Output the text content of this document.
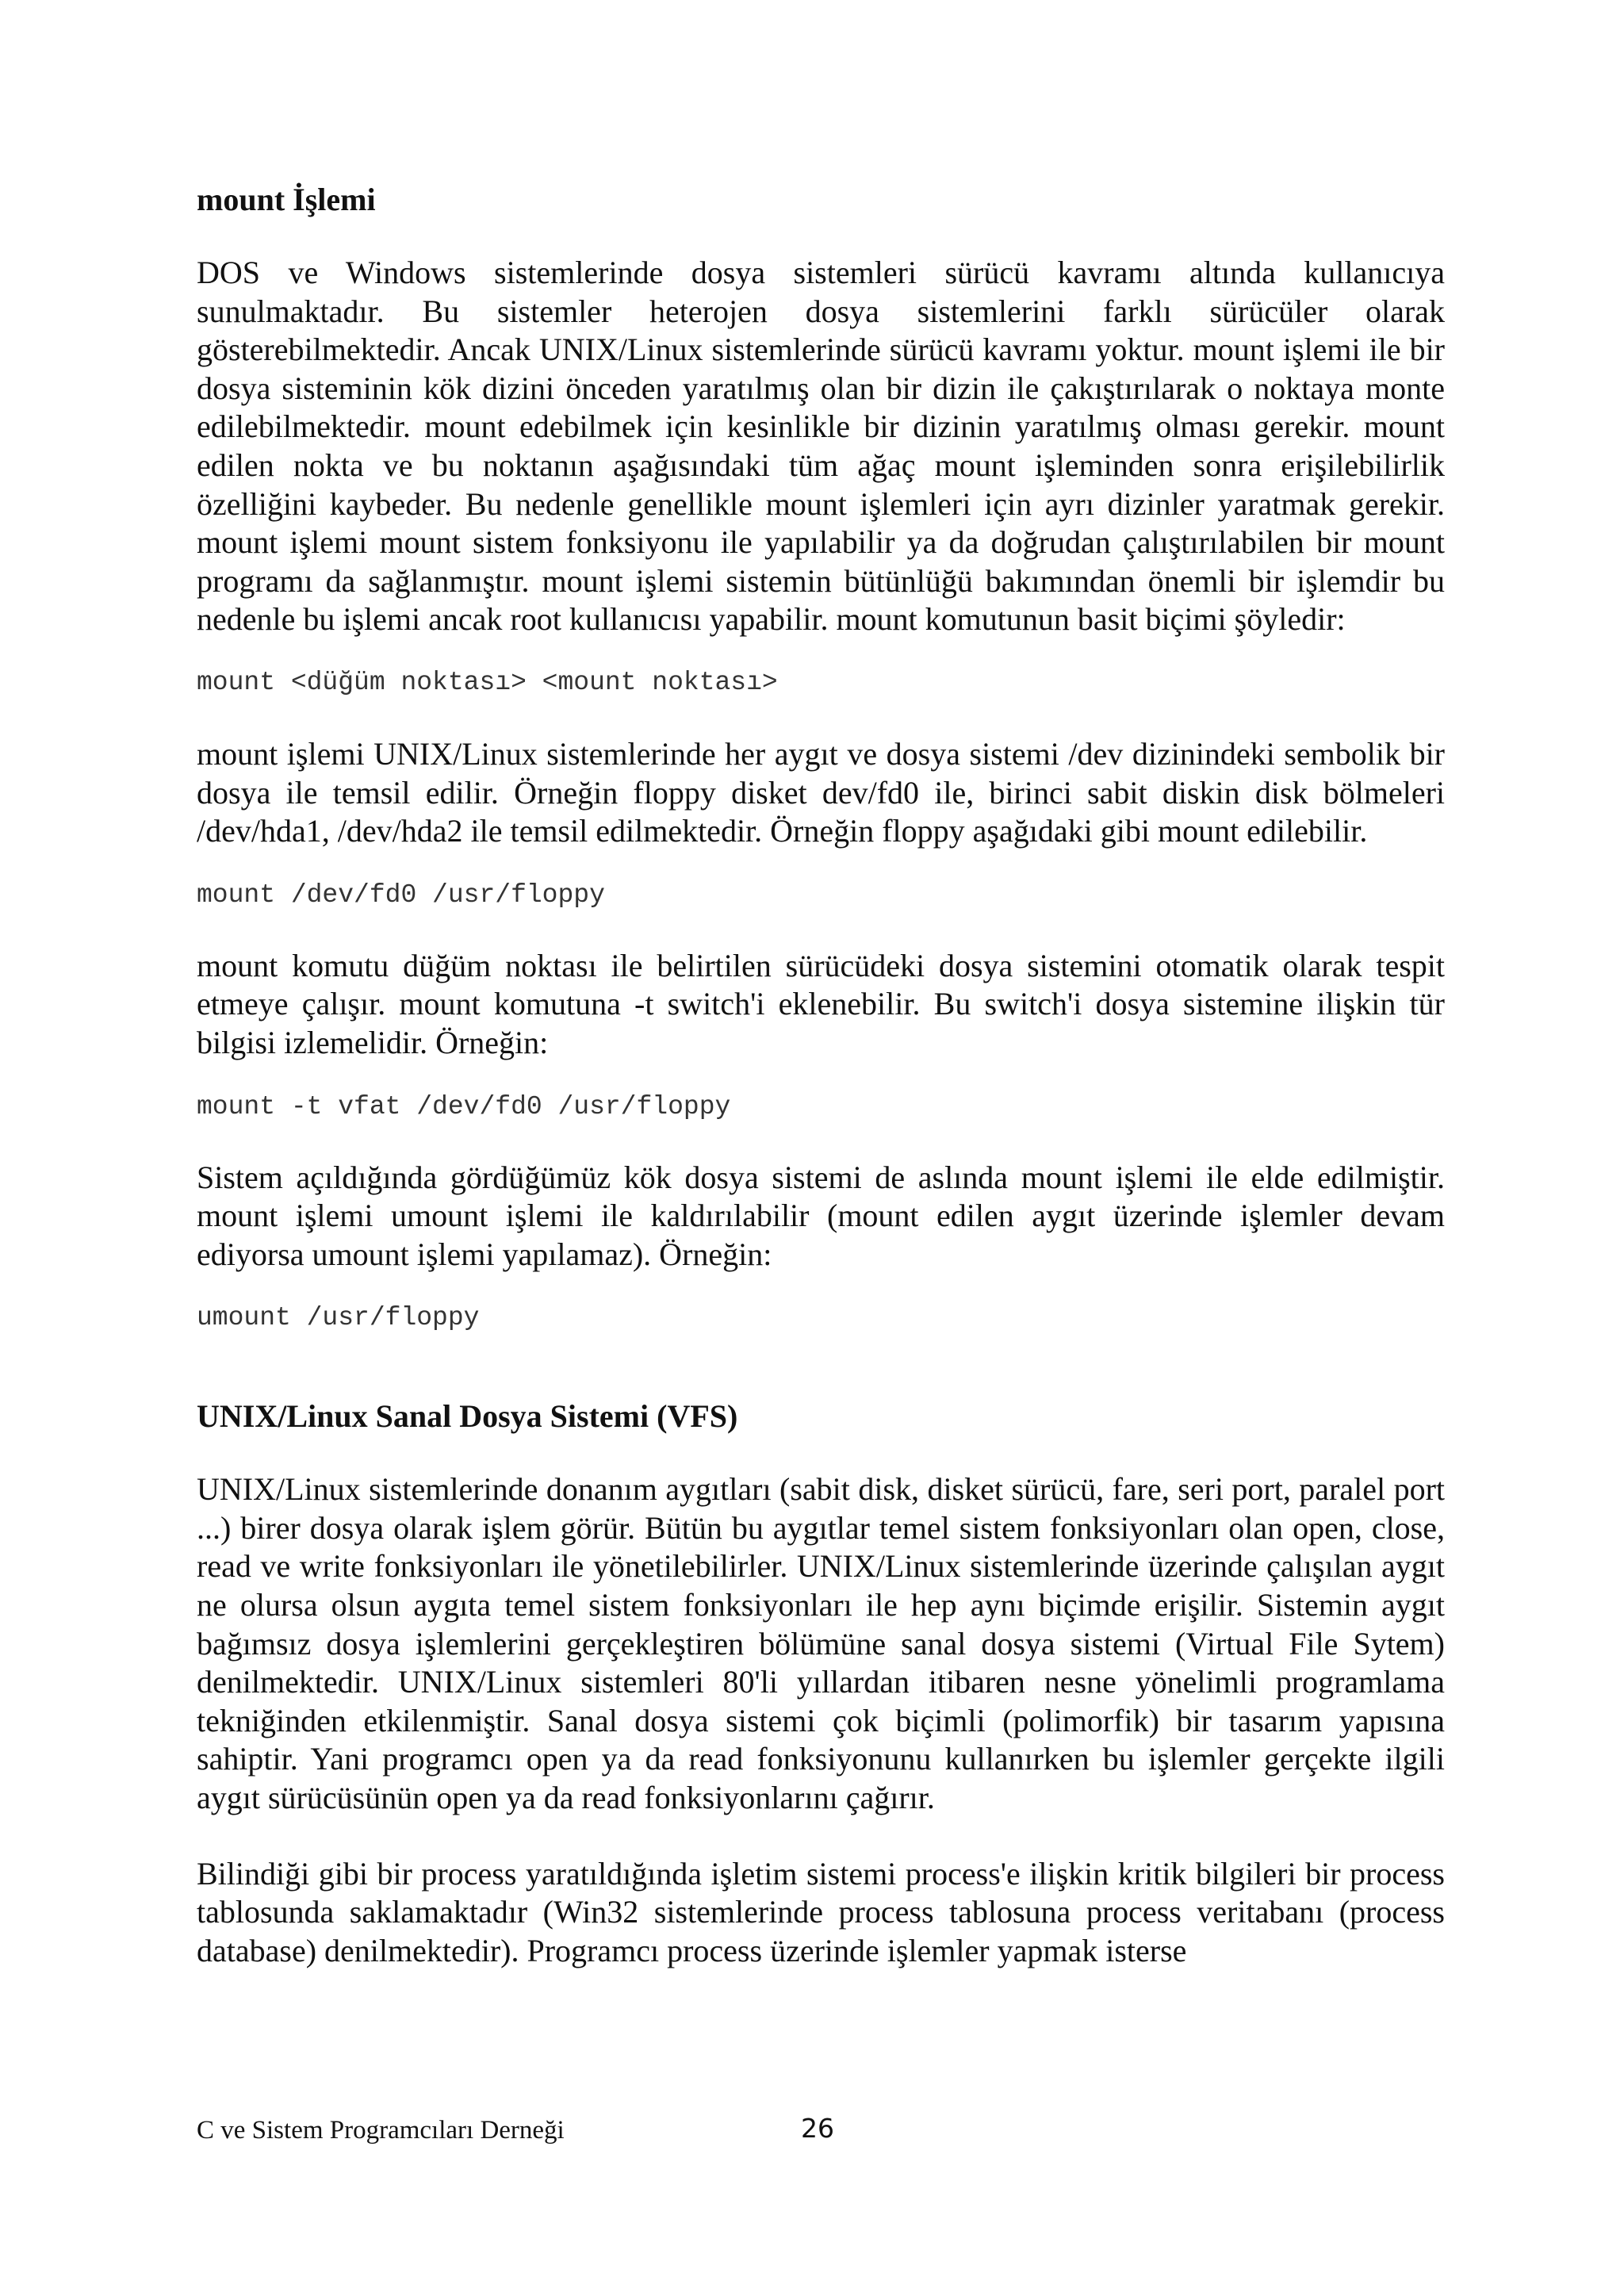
mount İşlemi

DOS ve Windows sistemlerinde dosya sistemleri sürücü kavramı altında kullanıcıya sunulmaktadır. Bu sistemler heterojen dosya sistemlerini farklı sürücüler olarak gösterebilmektedir. Ancak UNIX/Linux sistemlerinde sürücü kavramı yoktur. mount işlemi ile bir dosya sisteminin kök dizini önceden yaratılmış olan bir dizin ile çakıştırılarak o noktaya monte edilebilmektedir. mount edebilmek için kesinlikle bir dizinin yaratılmış olması gerekir. mount edilen nokta ve bu noktanın aşağısındaki tüm ağaç mount işleminden sonra erişilebilirlik özelliğini kaybeder. Bu nedenle genellikle mount işlemleri için ayrı dizinler yaratmak gerekir. mount işlemi mount sistem fonksiyonu ile yapılabilir ya da doğrudan çalıştırılabilen bir mount programı da sağlanmıştır. mount işlemi sistemin bütünlüğü bakımından önemli bir işlemdir bu nedenle bu işlemi ancak root kullanıcısı yapabilir. mount komutunun basit biçimi şöyledir:

mount <düğüm noktası> <mount noktası>

mount işlemi UNIX/Linux sistemlerinde her aygıt ve dosya sistemi /dev dizinindeki sembolik bir dosya ile temsil edilir. Örneğin floppy disket dev/fd0 ile, birinci sabit diskin disk bölmeleri /dev/hda1, /dev/hda2 ile temsil edilmektedir. Örneğin floppy aşağıdaki gibi mount edilebilir.

mount /dev/fd0 /usr/floppy

mount komutu düğüm noktası ile belirtilen sürücüdeki dosya sistemini otomatik olarak tespit etmeye çalışır. mount komutuna -t switch'i eklenebilir. Bu switch'i dosya sistemine ilişkin tür bilgisi izlemelidir. Örneğin:

mount -t vfat /dev/fd0 /usr/floppy

Sistem açıldığında gördüğümüz kök dosya sistemi de aslında mount işlemi ile elde edilmiştir. mount işlemi umount işlemi ile kaldırılabilir (mount edilen aygıt üzerinde işlemler devam ediyorsa umount işlemi yapılamaz). Örneğin:

umount /usr/floppy

UNIX/Linux Sanal Dosya Sistemi (VFS)

UNIX/Linux sistemlerinde donanım aygıtları (sabit disk, disket sürücü, fare, seri port, paralel port ...) birer dosya olarak işlem görür. Bütün bu aygıtlar temel sistem fonksiyonları olan open, close, read ve write fonksiyonları ile yönetilebilirler. UNIX/Linux sistemlerinde üzerinde çalışılan aygıt ne olursa olsun aygıta temel sistem fonksiyonları ile hep aynı biçimde erişilir. Sistemin aygıt bağımsız dosya işlemlerini gerçekleştiren bölümüne sanal dosya sistemi (Virtual File Sytem) denilmektedir. UNIX/Linux sistemleri 80'li yıllardan itibaren nesne yönelimli programlama tekniğinden etkilenmiştir. Sanal dosya sistemi çok biçimli (polimorfik) bir tasarım yapısına sahiptir. Yani programcı open ya da read fonksiyonunu kullanırken bu işlemler gerçekte ilgili aygıt sürücüsünün open ya da read fonksiyonlarını çağırır.

Bilindiği gibi bir process yaratıldığında işletim sistemi process'e ilişkin kritik bilgileri bir process tablosunda saklamaktadır (Win32 sistemlerinde process tablosuna process veritabanı (process database) denilmektedir). Programcı process üzerinde işlemler yapmak isterse

C ve Sistem Programcıları Derneği	26
